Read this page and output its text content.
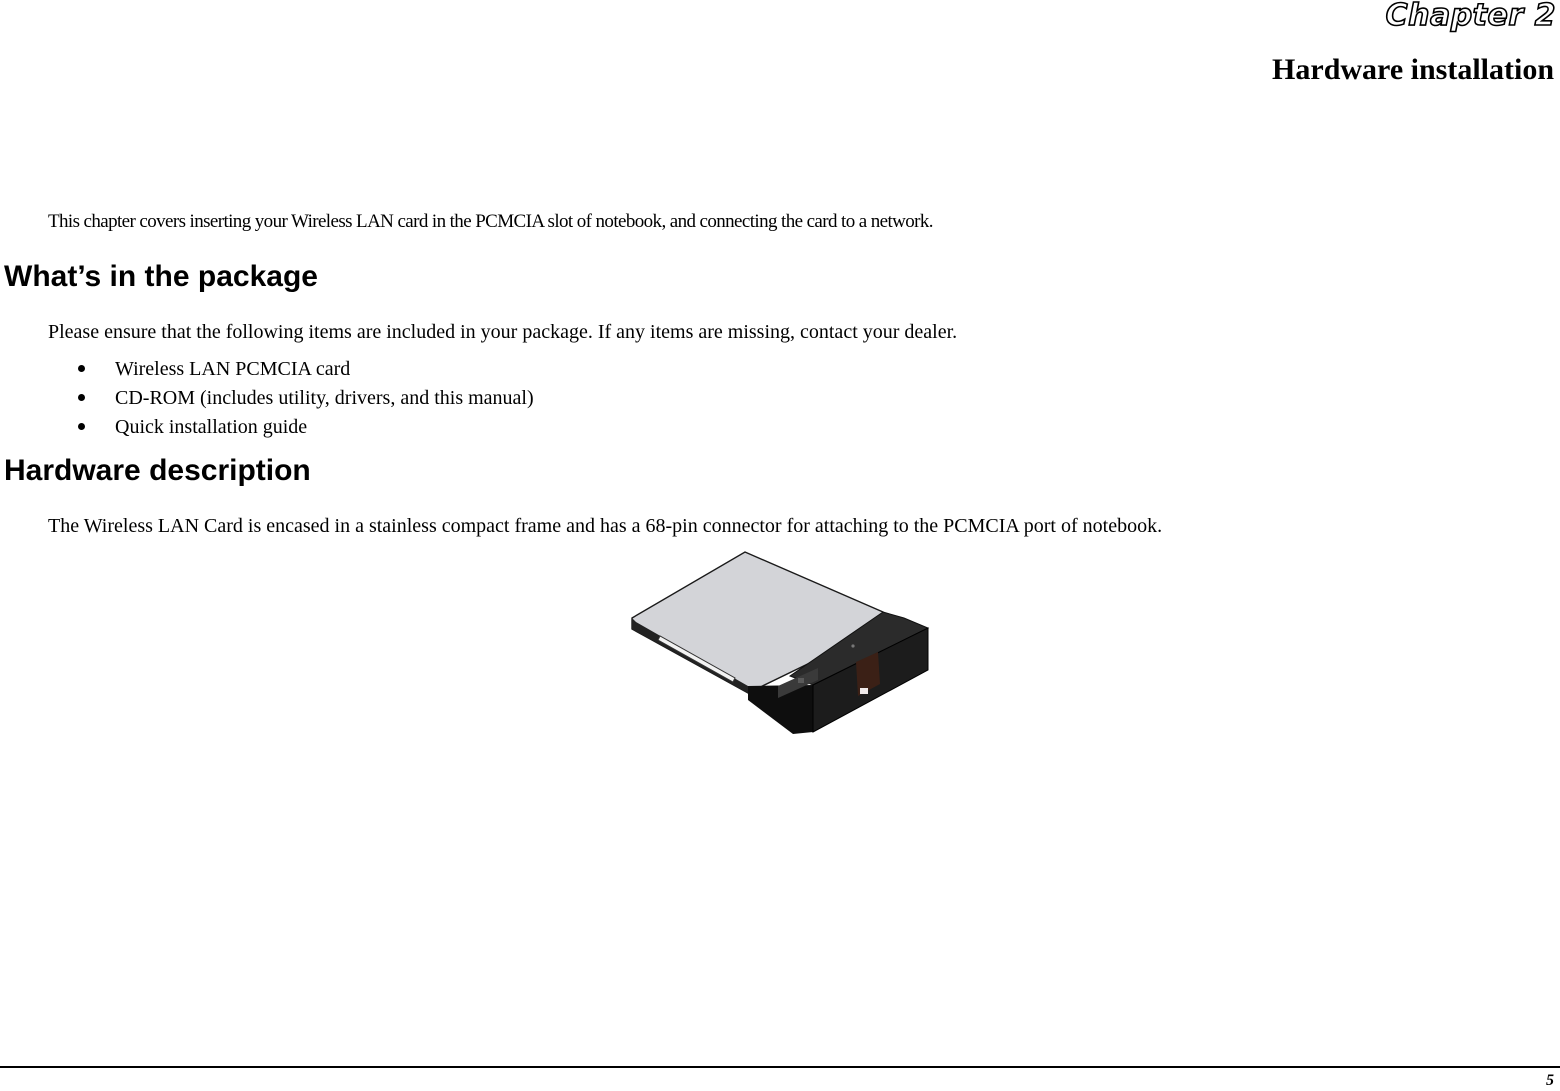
Chapter 2
Hardware installation
This chapter covers inserting your Wireless LAN card in the PCMCIA slot of notebook, and connecting the card to a network.
What’s in the package
Please ensure that the following items are included in your package. If any items are missing, contact your dealer.
Wireless LAN PCMCIA card
CD-ROM (includes utility, drivers, and this manual)
Quick installation guide
Hardware description
The Wireless LAN Card is encased in a stainless compact frame and has a 68-pin connector for attaching to the PCMCIA port of notebook.
5
